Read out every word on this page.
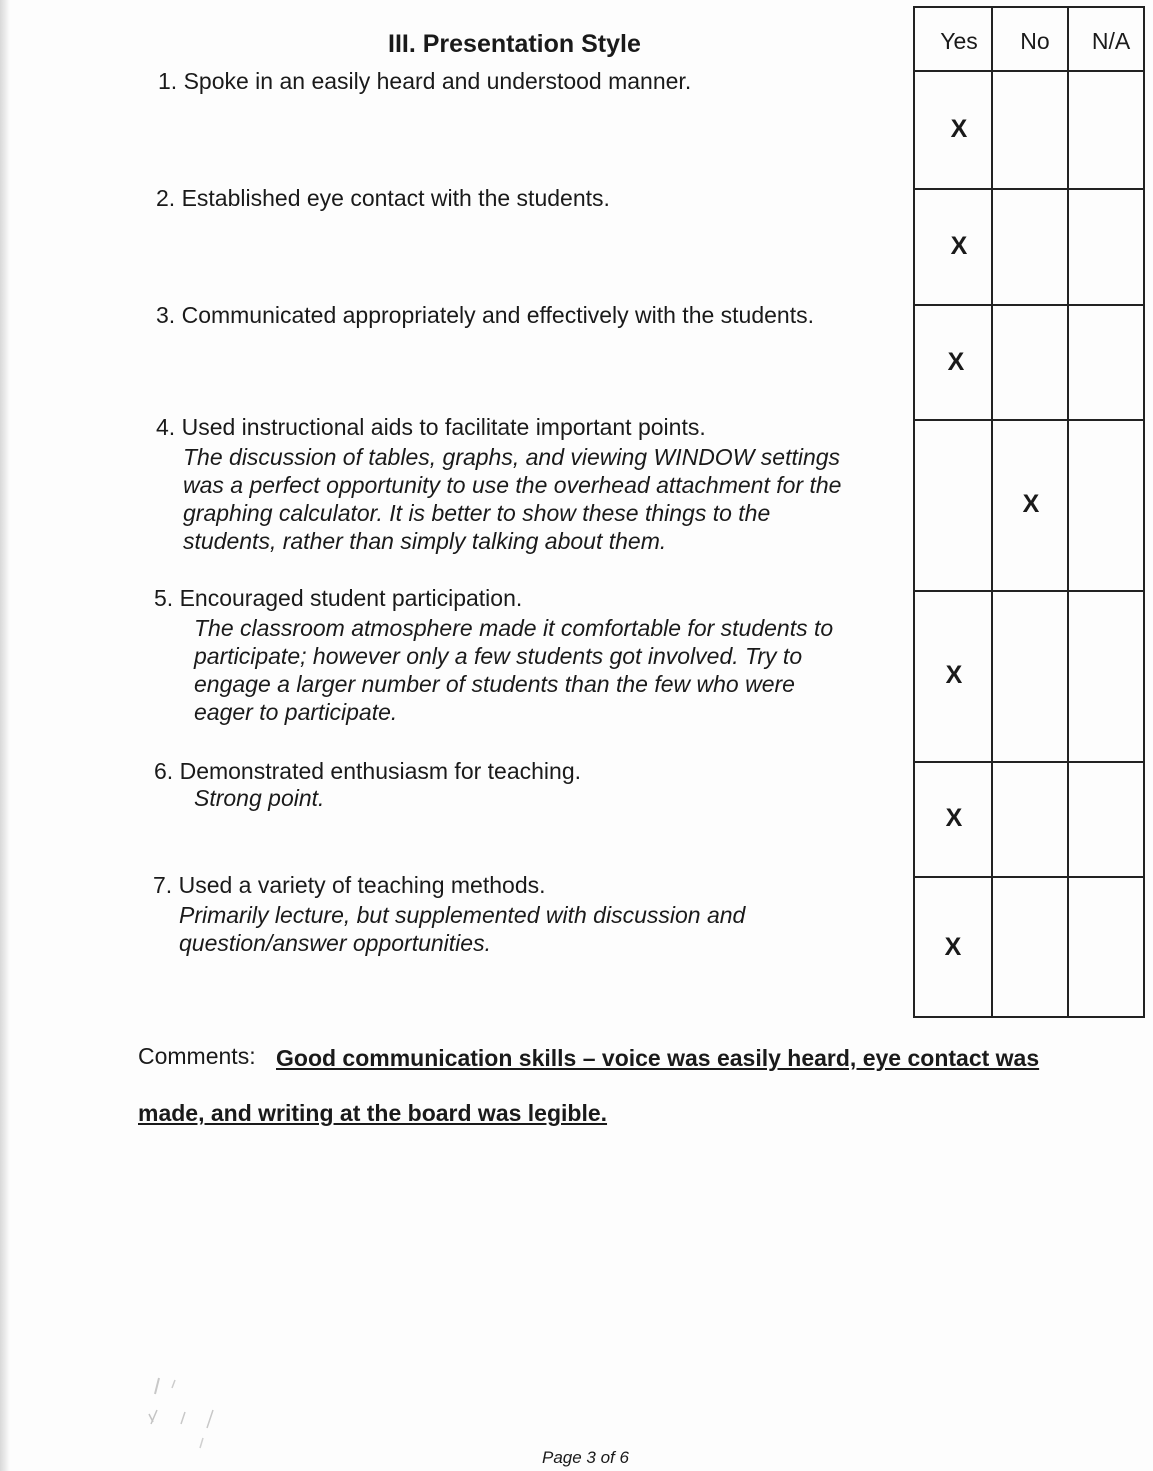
III. Presentation Style
1. Spoke in an easily heard and understood manner.
2. Established eye contact with the students.
3. Communicated appropriately and effectively with the students.
4. Used instructional aids to facilitate important points.
The discussion of tables, graphs, and viewing WINDOW settings
was a perfect opportunity to use the overhead attachment for the
graphing calculator. It is better to show these things to the
students, rather than simply talking about them.
5. Encouraged student participation.
The classroom atmosphere made it comfortable for students to
participate; however only a few students got involved. Try to
engage a larger number of students than the few who were
eager to participate.
6. Demonstrated enthusiasm for teaching.
Strong point.
7. Used a variety of teaching methods.
Primarily lecture, but supplemented with discussion and
question/answer opportunities.
Yes	No	N/A
X
X
X
X
X
X
X
Comments: Good communication skills – voice was easily heard, eye contact was
made, and writing at the board was legible.
Page 3 of 6
